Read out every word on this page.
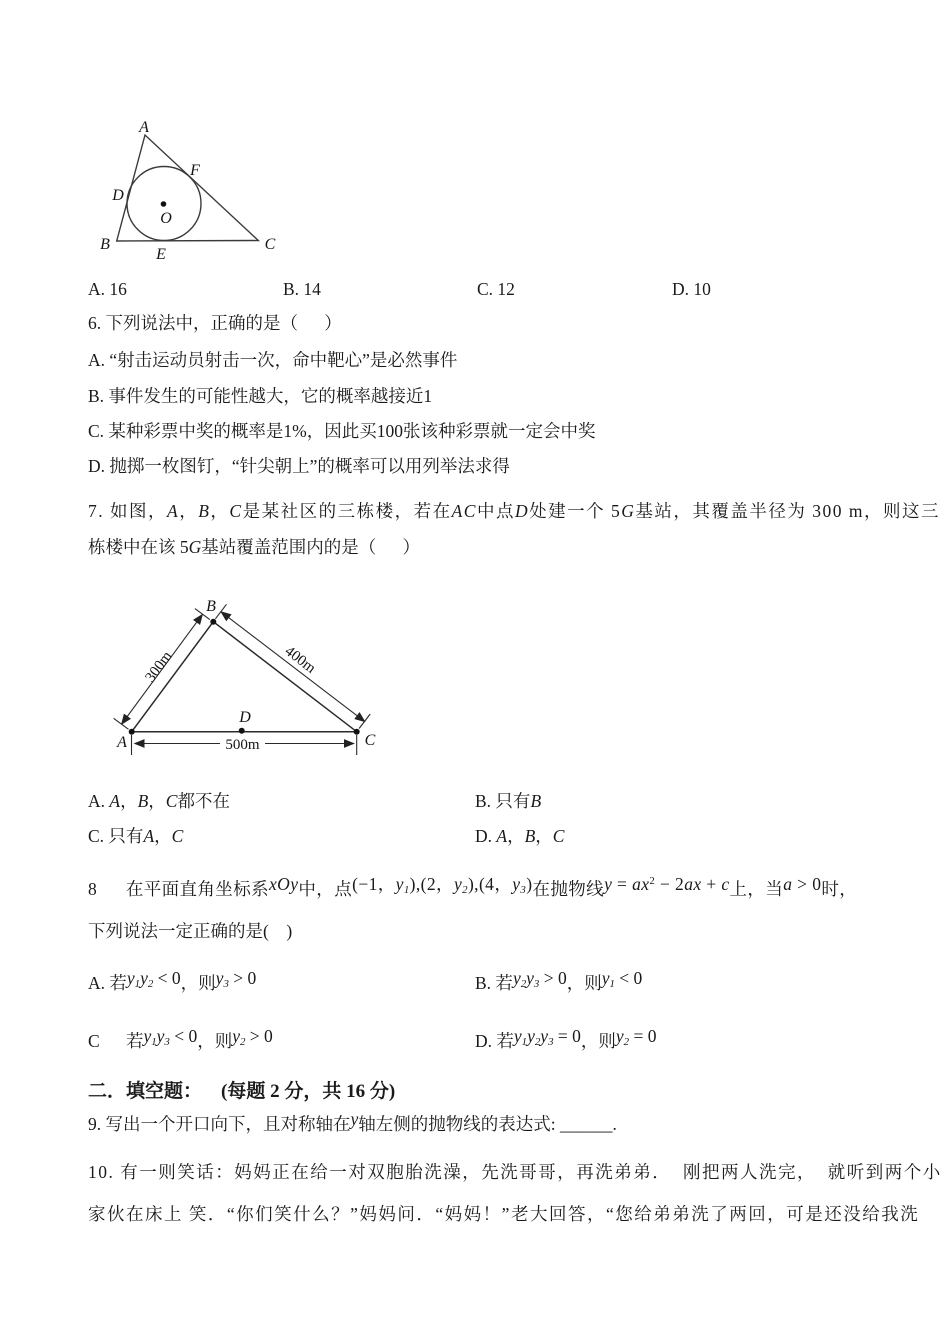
A
B	C
D
F
E
O
A. 16	B. 14	C. 12	D. 10
6. 下列说法中，正确的是（      ）
A. “射击运动员射击一次，命中靶心”是必然事件
B. 事件发生的可能性越大，它的概率越接近1
C. 某种彩票中奖的概率是1%，因此买100张该种彩票就一定会中奖
D. 抛掷一枚图钉，“针尖朝上”的概率可以用列举法求得
7. 如图，A，B，C是某社区的三栋楼，若在AC中点D处建一个 5G基站，其覆盖半径为 300 m，则这三
栋楼中在该 5G基站覆盖范围内的是（      ）
300m	400m
500m
A
B
C
D
A. A，B，C都不在	B. 只有B
C. 只有A，C	D. A，B，C
8 在平面直角坐标系xOy中，点(−1，y1),(2，y2),(4，y3)在抛物线$y = ax^2 - 2ax + c$上，当a > 0时，
下列说法一定正确的是(    )
A. 若y1y2 < 0，则y3 > 0	B. 若y2y3 > 0，则y1 < 0
C 若y1y3 < 0，则y2 > 0	D. 若y1y2y3 = 0，则y2 = 0
二．填空题：    (每题 2 分，共 16 分)
9. 写出一个开口向下，且对称轴在y轴左侧的抛物线的表达式: ______.
10. 有一则笑话：妈妈正在给一对双胞胎洗澡，先洗哥哥，再洗弟弟．  刚把两人洗完，  就听到两个小
家伙在床上 笑．“你们笑什么？”妈妈问．“妈妈！”老大回答，“您给弟弟洗了两回，可是还没给我洗
